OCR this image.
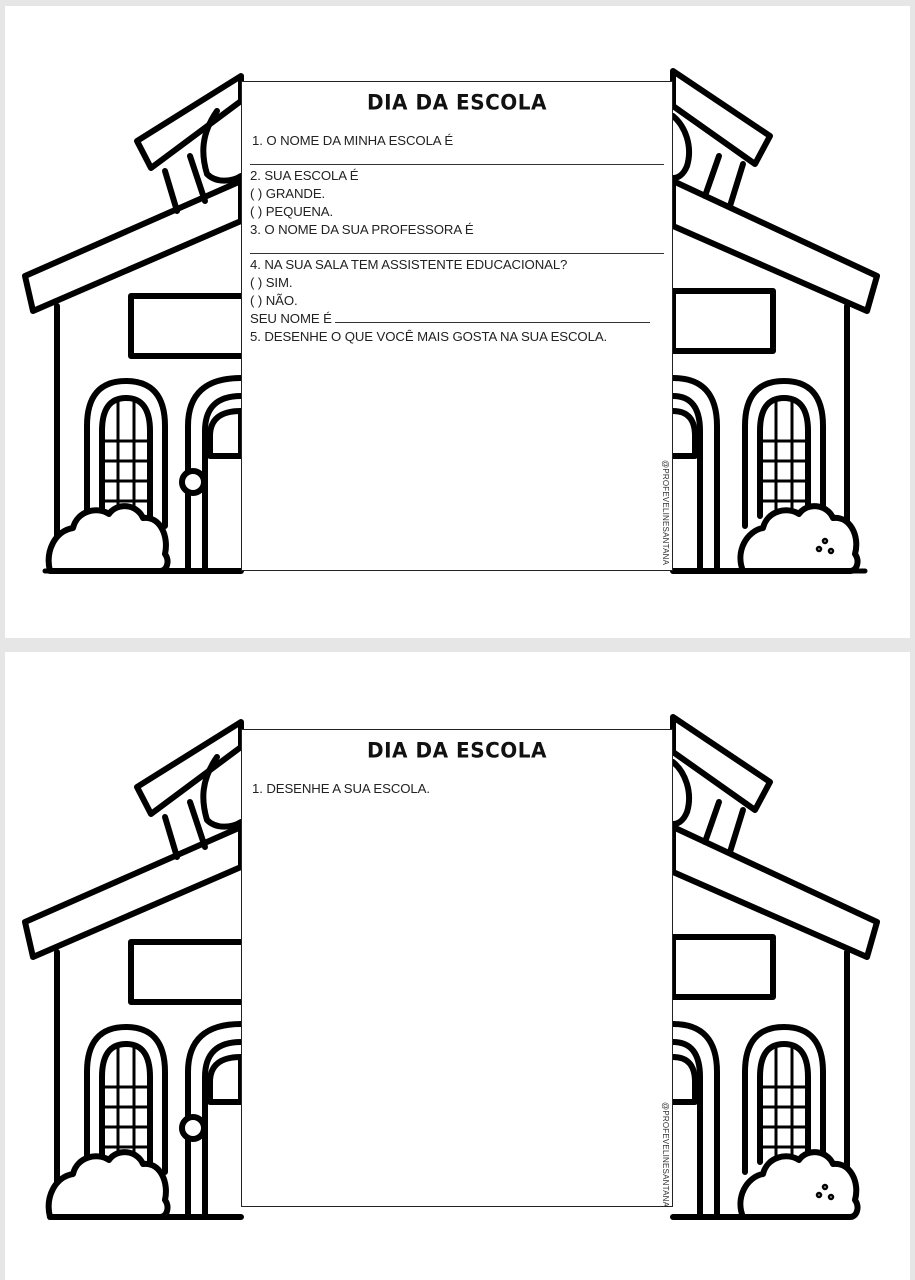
DIA DA ESCOLA
1. O NOME DA MINHA ESCOLA É
2. SUA ESCOLA É
( ) GRANDE.
( ) PEQUENA.
3. O NOME DA SUA PROFESSORA É
4. NA SUA SALA TEM ASSISTENTE EDUCACIONAL?
( ) SIM.
( ) NÃO.
SEU NOME É
5. DESENHE O QUE VOCÊ MAIS GOSTA NA SUA ESCOLA.
@PROFEVELINESANTANA
DIA DA ESCOLA
1. DESENHE A SUA ESCOLA.
@PROFEVELINESANTANA
